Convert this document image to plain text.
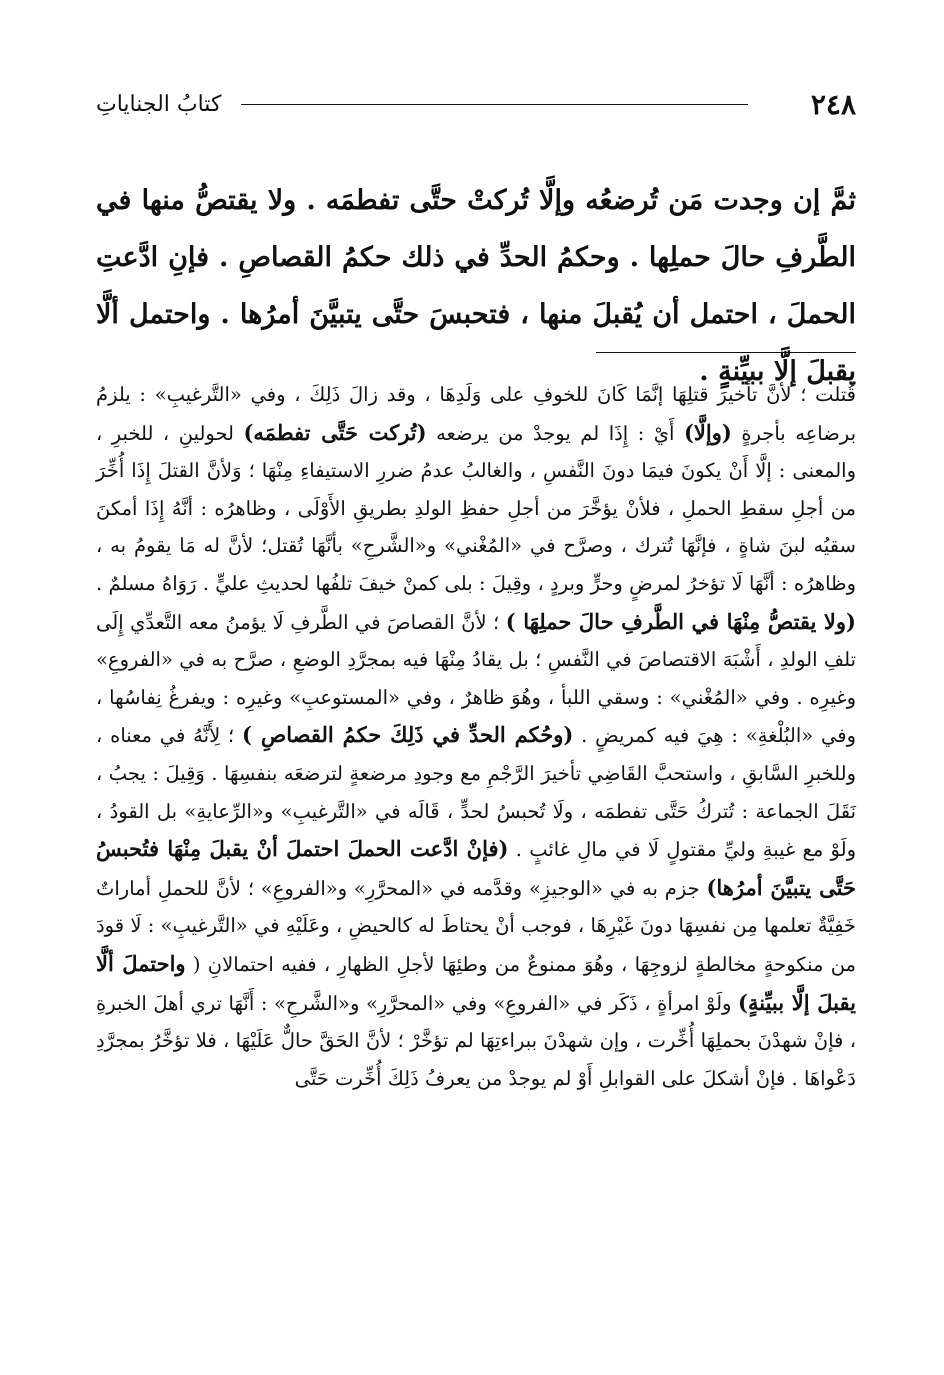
كتابُ الجناياتِ	٢٤٨
ثمَّ إن وجدت مَن تُرضعُه وإلَّا تُركتْ حتَّى تفطمَه . ولا يقتصُّ منها في الطَّرفِ حالَ حملِها . وحكمُ الحدِّ في ذلك حكمُ القصاصِ . فإنِ ادَّعتِ الحملَ ، احتمل أن يُقبلَ منها ، فتحبسَ حتَّى يتبيَّنَ أمرُها . واحتمل ألَّا يقبلَ إلَّا ببيِّنةٍ .
قُتلت ؛ لأنَّ تأخيرَ قتلِهَا إنَّمَا كَانَ للخوفِ على وَلَدِهَا ، وقد زالَ ذَلِكَ ، وفي «التَّرغيبِ» : يلزمُ برضاعِه بأجرةٍ (وإلَّا) أَيْ : إِذَا لم يوجدْ من يرضعه (تُركت حَتَّى تفطمَه) لحولينِ ، للخبرِ ، والمعنى : إلَّا أَنْ يكونَ فيمَا دونَ النَّفسِ ، والغالبُ عدمُ ضررِ الاستيفاءِ مِنْهَا ؛ وَلأنَّ القتلَ إِذَا أُخِّرَ من أجلِ سقطِ الحملِ ، فلأنْ يؤخَّرَ من أجلِ حفظِ الولدِ بطريقِ الأَوْلَى ، وظاهرُه : أنَّهُ إِذَا أمكنَ سقيُه لبنَ شاةٍ ، فإنَّهَا تُترك ، وصرَّح في «المُغْني» و«الشَّرحِ» بأنَّهَا تُقتل؛ لأنَّ له مَا يقومُ به ، وظاهرُه : أنَّهَا لَا تؤخرُ لمرضٍ وحرٍّ وبردٍ ، وقِيلَ : بلى كمنْ خيفَ تلفُها لحديثِ عليٍّ . رَوَاهُ مسلمٌ . (ولا يقتصُّ مِنْهَا في الطَّرفِ حالَ حملِهَا ) ؛ لأنَّ القصاصَ في الطَّرفِ لَا يؤمنُ معه التَّعدِّي إِلَى تلفِ الولدِ ، أَشْبَهَ الاقتصاصَ في النَّفسِ ؛ بل يقادُ مِنْهَا فيه بمجرَّدِ الوضعِ ، صرَّح به في «الفروعِ» وغيرِه . وفي «المُغْني» : وسقي اللبأ ، وهُوَ ظاهرٌ ، وفي «المستوعبِ» وغيرِه : ويفرغُ نِفاسُها ، وفي «البُلْغةِ» : هِيَ فيه كمريضٍ . (وحُكم الحدِّ في ذَلِكَ حكمُ القصاصِ ) ؛ لِأَنَّهُ في معناه ، وللخبرِ السَّابقِ ، واستحبَّ القَاضِي تأخيرَ الرَّجْمِ مع وجودِ مرضعةٍ لترضعَه بنفسِهَا . وَقِيلَ : يجبُ ، نَقَلَ الجماعة : تُتركُ حَتَّى تفطمَه ، ولَا تُحبسُ لحدٍّ ، قَالَه في «التَّرغيبِ» و«الرِّعايةِ» بل القودُ ، ولَوْ مع غيبةِ وليِّ مقتولٍ لَا في مالِ غائبٍ . (فإنْ ادَّعت الحملَ احتملَ أنْ يقبلَ مِنْهَا فتُحبسُ حَتَّى يتبيَّنَ أمرُها) جزم به في «الوجيزِ» وقدَّمه في «المحرَّرِ» و«الفروعِ» ؛ لأنَّ للحملِ أماراتٌ خَفِيَّةٌ تعلمها مِن نفسِهَا دونَ غَيْرِهَا ، فوجب أنْ يحتاطَ له كالحيضِ ، وعَلَيْهِ في «التَّرغيبِ» : لَا قودَ من منكوحةٍ مخالطةٍ لزوجِهَا ، وهُوَ ممنوعٌ من وطئِهَا لأجلِ الظهارِ ، ففيه احتمالانِ ( واحتملَ ألَّا يقبلَ إلَّا ببيِّنةٍ) ولَوْ امرأةٍ ، ذَكَر في «الفروعِ» وفي «المحرَّرِ» و«الشَّرحِ» : أَنَّهَا تري أهلَ الخبرةِ ، فإنْ شهدْنَ بحملِهَا أُخِّرت ، وإن شهدْنَ ببراءتِهَا لم تؤخَّرْ ؛ لأنَّ الحَقَّ حالٌّ عَلَيْهَا ، فلا تؤخَّرُ بمجرَّدِ دَعْواهَا . فإنْ أشكلَ على القوابلِ أَوْ لم يوجدْ من يعرفُ ذَلِكَ أُخِّرت حَتَّى
